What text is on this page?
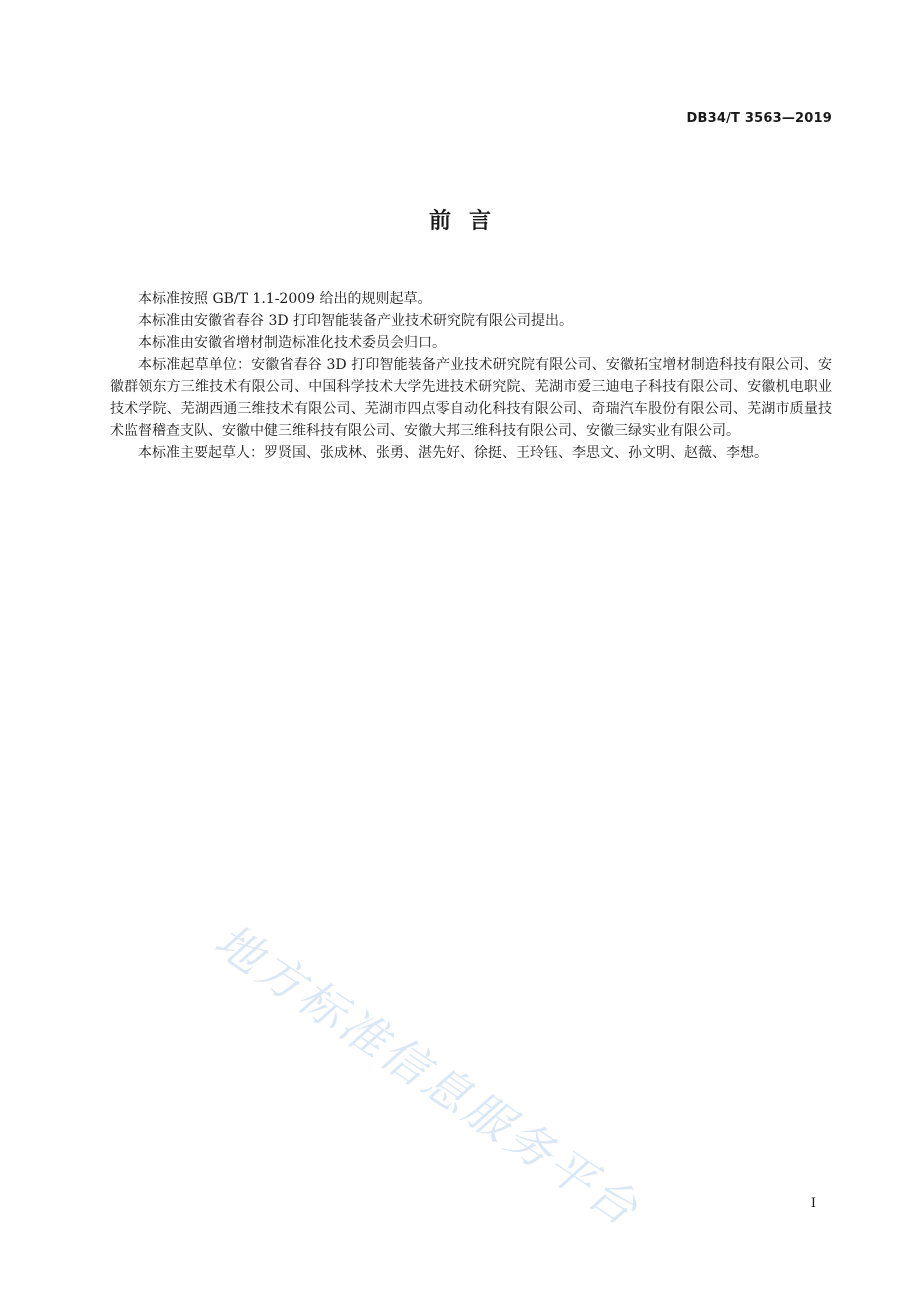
DB34/T 3563—2019
前言

本标准按照 GB/T 1.1-2009 给出的规则起草。

本标准由安徽省春谷 3D 打印智能装备产业技术研究院有限公司提出。

本标准由安徽省增材制造标准化技术委员会归口。

本标准起草单位：安徽省春谷 3D 打印智能装备产业技术研究院有限公司、安徽拓宝增材制造科技有限公司、安徽群领东方三维技术有限公司、中国科学技术大学先进技术研究院、芜湖市爱三迪电子科技有限公司、安徽机电职业技术学院、芜湖西通三维技术有限公司、芜湖市四点零自动化科技有限公司、奇瑞汽车股份有限公司、芜湖市质量技术监督稽查支队、安徽中健三维科技有限公司、安徽大邦三维科技有限公司、安徽三绿实业有限公司。

本标准主要起草人：罗贤国、张成林、张勇、湛先好、徐挺、王玲钰、李思文、孙文明、赵薇、李想。

地方标准信息服务平台	I
